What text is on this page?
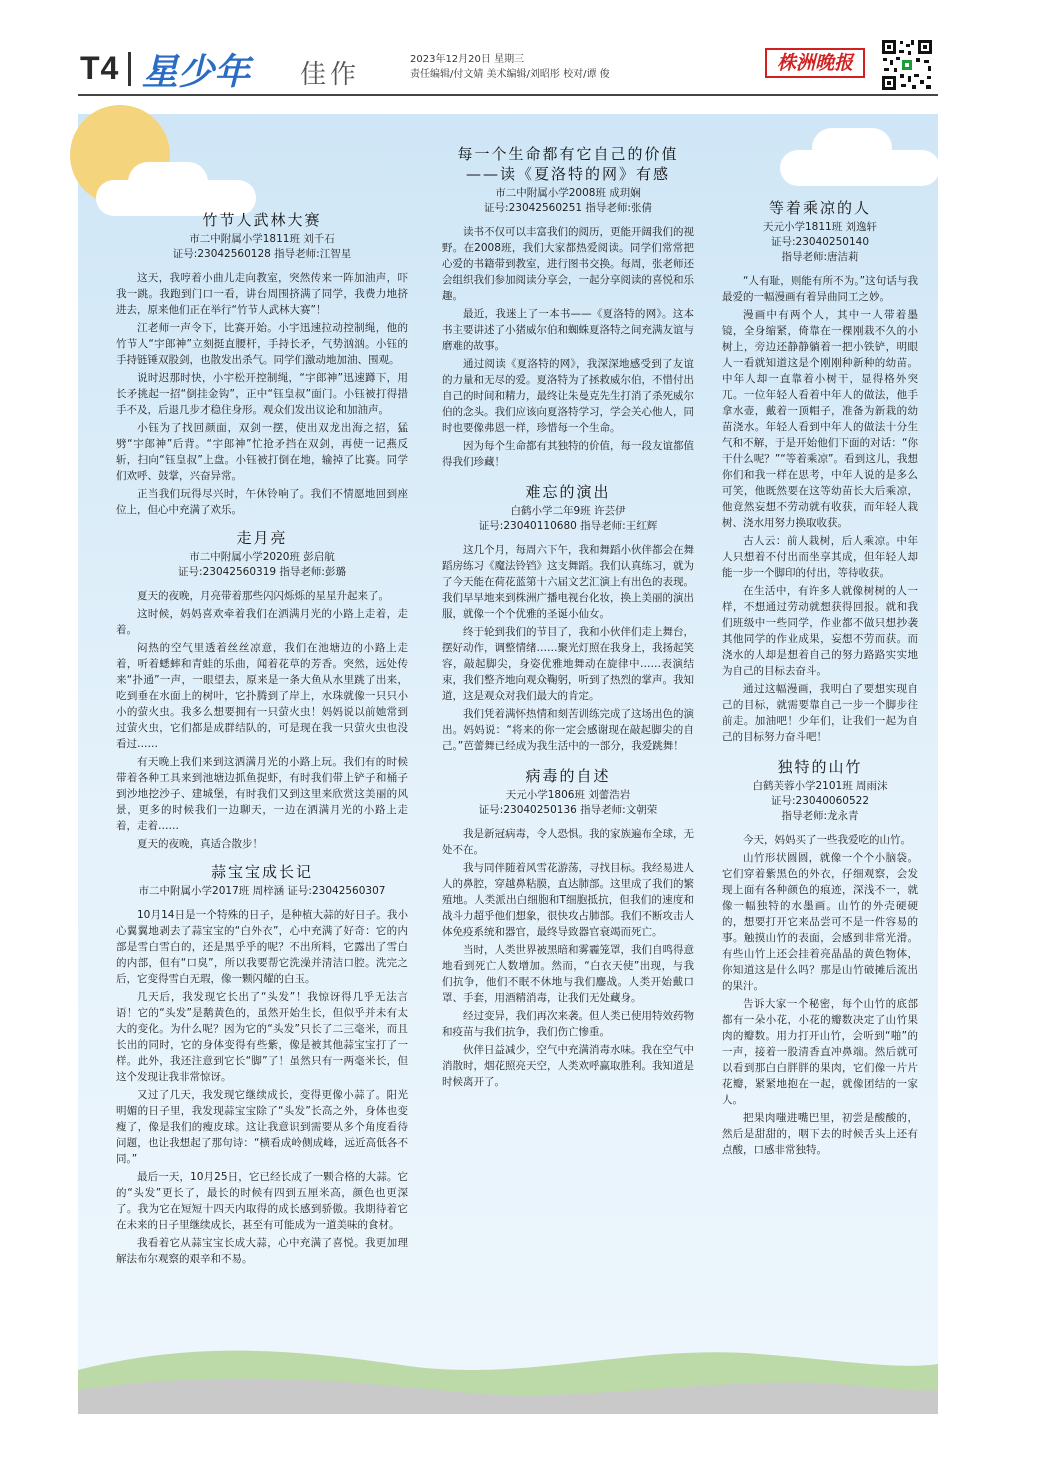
T4 星少年 佳作
2023年12月20日 星期三
责任编辑/付文婧 美术编辑/刘昭彤 校对/谭 俊
株洲晚报
竹节人武林大赛
市二中附属小学1811班 刘千石
证号:23042560128 指导老师:江智星

这天，我哼着小曲儿走向教室，突然传来一阵加油声，吓我一跳。我跑到门口一看，讲台周围挤满了同学，我费力地挤进去，原来他们正在举行“竹节人武林大赛”！

江老师一声令下，比赛开始。小宇迅速拉动控制绳，他的竹节人“宇郎神”立刻挺直腰杆，手持长矛，气势汹汹。小钰的手持链锤双股剑，也散发出杀气。同学们激动地加油、围观。

说时迟那时快，小宇松开控制绳，“宇郎神”迅速蹲下，用长矛挑起一招“倒挂金钩”，正中“钰皇叔”面门。小钰被打得措手不及，后退几步才稳住身形。观众们发出议论和加油声。

小钰为了找回颜面，双剑一摆，使出双龙出海之招，猛劈“宇郎神”后背。“宇郎神”忙抢矛挡在双剑，再使一记燕反斩，扫向“钰皇叔”上盘。小钰被打倒在地，输掉了比赛。同学们欢呼、鼓掌，兴奋异常。

正当我们玩得尽兴时，午休铃响了。我们不情愿地回到座位上，但心中充满了欢乐。

走月亮
市二中附属小学2020班 彭启航
证号:23042560319 指导老师:彭璐

夏天的夜晚，月亮带着那些闪闪烁烁的星星升起来了。

这时候，妈妈喜欢牵着我们在洒满月光的小路上走着，走着。

闷热的空气里透着丝丝凉意，我们在池塘边的小路上走着，听着蟋蟀和青蛙的乐曲，闻着花草的芳香。突然，远处传来“扑通”一声，一眼望去，原来是一条大鱼从水里跳了出来，吃到垂在水面上的树叶，它扑腾到了岸上，水珠就像一只只小小的萤火虫。我多么想要拥有一只萤火虫！妈妈说以前她常到过萤火虫，它们都是成群结队的，可是现在我一只萤火虫也没看过……

有天晚上我们来到这洒满月光的小路上玩。我们有的时候带着各种工具来到池塘边抓鱼捉虾，有时我们带上铲子和桶子到沙地挖沙子、建城堡，有时我们又到这里来欣赏这美丽的风景，更多的时候我们一边聊天，一边在洒满月光的小路上走着，走着……

夏天的夜晚，真适合散步！

蒜宝宝成长记
市二中附属小学2017班 周梓涵 证号:23042560307

10月14日是一个特殊的日子，是种植大蒜的好日子。我小心翼翼地剥去了蒜宝宝的“白外衣”，心中充满了好奇：它的内部是雪白雪白的，还是黑乎乎的呢？不出所料，它露出了雪白的内部，但有“口臭”，所以我要帮它洗澡并清洁口腔。洗完之后，它变得雪白无瑕，像一颗闪耀的白玉。

几天后，我发现它长出了“头发”！我惊讶得几乎无法言语！它的“头发”是鹅黄色的，虽然开始生长，但似乎并未有太大的变化。为什么呢？因为它的“头发”只长了二三毫米，而且长出的同时，它的身体变得有些紫，像是被其他蒜宝宝打了一样。此外，我还注意到它长“脚”了！虽然只有一两毫米长，但这个发现让我非常惊讶。

又过了几天，我发现它继续成长，变得更像小蒜了。阳光明媚的日子里，我发现蒜宝宝除了“头发”长高之外，身体也变瘦了，像是我们的瘦皮球。这让我意识到需要从多个角度看待问题，也让我想起了那句诗：“横看成岭侧成峰，远近高低各不同。”

最后一天，10月25日，它已经长成了一颗合格的大蒜。它的“头发”更长了，最长的时候有四到五厘米高，颜色也更深了。我为它在短短十四天内取得的成长感到骄傲。我期待着它在未来的日子里继续成长，甚至有可能成为一道美味的食材。

我看着它从蒜宝宝长成大蒜，心中充满了喜悦。我更加理解法布尔观察的艰辛和不易。

每一个生命都有它自己的价值
——读《夏洛特的网》有感
市二中附属小学2008班 成玥娴
证号:23042560251 指导老师:张倩

读书不仅可以丰富我们的阅历，更能开阔我们的视野。在2008班，我们大家都热爱阅读。同学们常常把心爱的书籍带到教室，进行图书交换。每周，张老师还会组织我们参加阅读分享会，一起分享阅读的喜悦和乐趣。

最近，我迷上了一本书——《夏洛特的网》。这本书主要讲述了小猪威尔伯和蜘蛛夏洛特之间充满友谊与磨难的故事。

通过阅读《夏洛特的网》，我深深地感受到了友谊的力量和无尽的爱。夏洛特为了拯救威尔伯，不惜付出自己的时间和精力，最终让朱曼克先生打消了杀死威尔伯的念头。我们应该向夏洛特学习，学会关心他人，同时也要像弗恩一样，珍惜每一个生命。

因为每个生命都有其独特的价值，每一段友谊都值得我们珍藏！

难忘的演出
白鹤小学二年9班 许芸伊
证号:23040110680 指导老师:王红辉

这几个月，每周六下午，我和舞蹈小伙伴都会在舞蹈房练习《魔法铃铛》这支舞蹈。我们认真练习，就为了今天能在荷花蓝第十六届文艺汇演上有出色的表现。我们早早地来到株洲广播电视台化妆，换上美丽的演出服，就像一个个优雅的圣诞小仙女。

终于轮到我们的节目了，我和小伙伴们走上舞台，摆好动作，调整情绪……聚光灯照在我身上，我扬起笑容，敲起脚尖，身姿优雅地舞动在旋律中……表演结束，我们整齐地向观众鞠躬，听到了热烈的掌声。我知道，这是观众对我们最大的肯定。

我们凭着满怀热情和刻苦训练完成了这场出色的演出。妈妈说：“将来的你一定会感谢现在敲起脚尖的自己。”芭蕾舞已经成为我生活中的一部分，我爱跳舞！

病毒的自述
天元小学1806班 刘蕾浩岩
证号:23040250136 指导老师:文朝荣

我是新冠病毒，令人恐惧。我的家族遍布全球，无处不在。

我与同伴随着风雪花游荡，寻找目标。我经易进人人的鼻腔，穿越鼻粘膜，直达肺部。这里成了我们的繁殖地。人类派出白细胞和T细胞抵抗，但我们的速度和战斗力超乎他们想象，很快攻占肺部。我们不断攻击人体免疫系统和器官，最终导致器官衰竭而死亡。

当时，人类世界被黑暗和雾霾笼罩，我们自鸣得意地看到死亡人数增加。然而，“白衣天使”出现，与我们抗争，他们不眠不休地与我们鏖战。人类开始戴口罩、手套，用酒精消毒，让我们无处藏身。

经过变异，我们再次来袭。但人类已使用特效药物和疫苗与我们抗争，我们伤亡惨重。

伙伴日益减少，空气中充满消毒水味。我在空气中消散时，烟花照亮天空，人类欢呼赢取胜利。我知道是时候离开了。

等着乘凉的人
天元小学1811班 刘逸轩
证号:23040250140
指导老师:唐洁莉

“人有耻，则能有所不为。”这句话与我最爱的一幅漫画有着异曲同工之妙。

漫画中有两个人，其中一人带着墨镜，全身缩紧，倚靠在一棵刚栽不久的小树上，旁边还静静躺着一把小铁铲，明眼人一看就知道这是个刚刚种新种的幼苗。中年人却一直靠着小树干，显得格外突兀。一位年轻人看着中年人的做法，他手拿水壶，戴着一顶帽子，准备为新栽的幼苗浇水。年轻人看到中年人的做法十分生气和不解，于是开始他们下面的对话：“你干什么呢？”“等着乘凉”。看到这儿，我想你们和我一样在思考，中年人说的是多么可笑，他既然要在这等幼苗长大后乘凉，他竟然妄想不劳动就有收获，而年轻人栽树、浇水用努力换取收获。

古人云：前人栽树，后人乘凉。中年人只想着不付出而坐享其成，但年轻人却能一步一个脚印的付出，等待收获。

在生活中，有许多人就像树树的人一样，不想通过劳动就想获得回报。就和我们班级中一些同学，作业都不做只想抄袭其他同学的作业成果，妄想不劳而获。而浇水的人却是想着自己的努力路路实实地为自己的目标去奋斗。

通过这幅漫画，我明白了要想实现自己的目标，就需要靠自己一步一个脚步往前走。加油吧！少年们，让我们一起为自己的目标努力奋斗吧！

独特的山竹
白鹤芙蓉小学2101班 周雨沫
证号:23040060522
指导老师:龙永青

今天，妈妈买了一些我爱吃的山竹。

山竹形状圆圆，就像一个个小脑袋。它们穿着紫黑色的外衣，仔细观察，会发现上面有各种颜色的痕迹，深浅不一，就像一幅独特的水墨画。山竹的外壳硬硬的，想要打开它来品尝可不是一件容易的事。触摸山竹的表面，会感到非常光滑。有些山竹上还会挂着亮晶晶的黄色物体，你知道这是什么吗？那是山竹破摊后流出的果汁。

告诉大家一个秘密，每个山竹的底部都有一朵小花，小花的瓣数决定了山竹果肉的瓣数。用力打开山竹，会听到“啪”的一声，接着一股清香直冲鼻端。然后就可以看到那白白胖胖的果肉，它们像一片片花瓣，紧紧地抱在一起，就像团结的一家人。

把果肉嗤进嘴巴里，初尝是酸酸的，然后是甜甜的，咽下去的时候舌头上还有点酸，口感非常独特。
